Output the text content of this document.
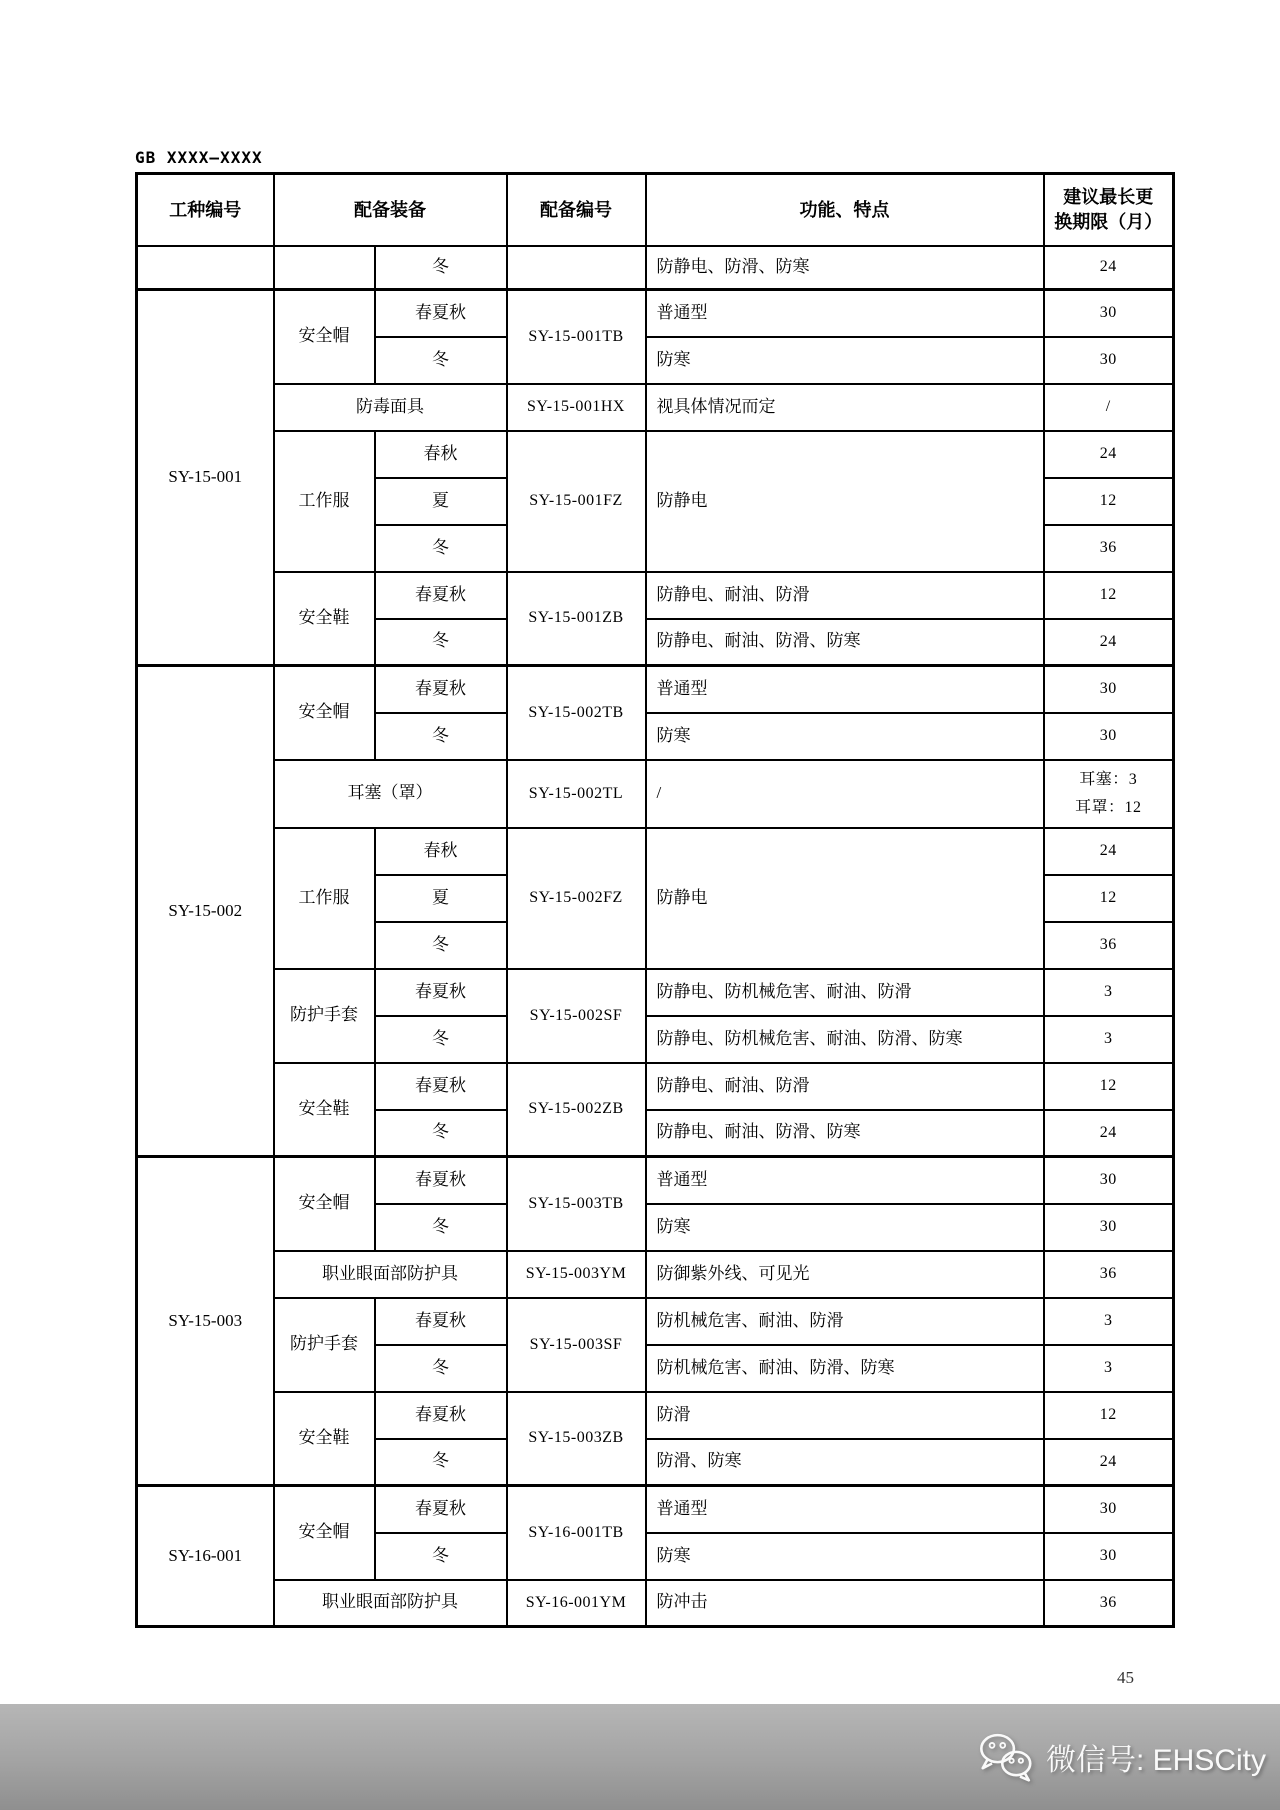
GB XXXX—XXXX

工种编号	配备装备		配备编号	功能、特点	建议最长更
换期限（月）

		冬		防静电、防滑、防寒	24
SY-15-001	安全帽	春夏秋	SY-15-001TB	普通型	30
		冬		防寒	30
	防毒面具		SY-15-001HX	视具体情况而定	/
	工作服	春秋	SY-15-001FZ	防静电	24
		夏			12
		冬			36
	安全鞋	春夏秋	SY-15-001ZB	防静电、耐油、防滑	12
		冬		防静电、耐油、防滑、防寒	24
SY-15-002	安全帽	春夏秋	SY-15-002TB	普通型	30
		冬		防寒	30
	耳塞（罩）		SY-15-002TL	/	耳塞：3
耳罩：12

	工作服	春秋	SY-15-002FZ	防静电	24
		夏			12
		冬			36
	防护手套	春夏秋	SY-15-002SF	防静电、防机械危害、耐油、防滑	3
		冬		防静电、防机械危害、耐油、防滑、防寒	3
	安全鞋	春夏秋	SY-15-002ZB	防静电、耐油、防滑	12
		冬		防静电、耐油、防滑、防寒	24
SY-15-003	安全帽	春夏秋	SY-15-003TB	普通型	30
		冬		防寒	30
	职业眼面部防护具		SY-15-003YM	防御紫外线、可见光	36
	防护手套	春夏秋	SY-15-003SF	防机械危害、耐油、防滑	3
		冬		防机械危害、耐油、防滑、防寒	3
	安全鞋	春夏秋	SY-15-003ZB	防滑	12
		冬		防滑、防寒	24
SY-16-001	安全帽	春夏秋	SY-16-001TB	普通型	30
		冬		防寒	30
	职业眼面部防护具		SY-16-001YM	防冲击	36
45
微信号: EHSCity
